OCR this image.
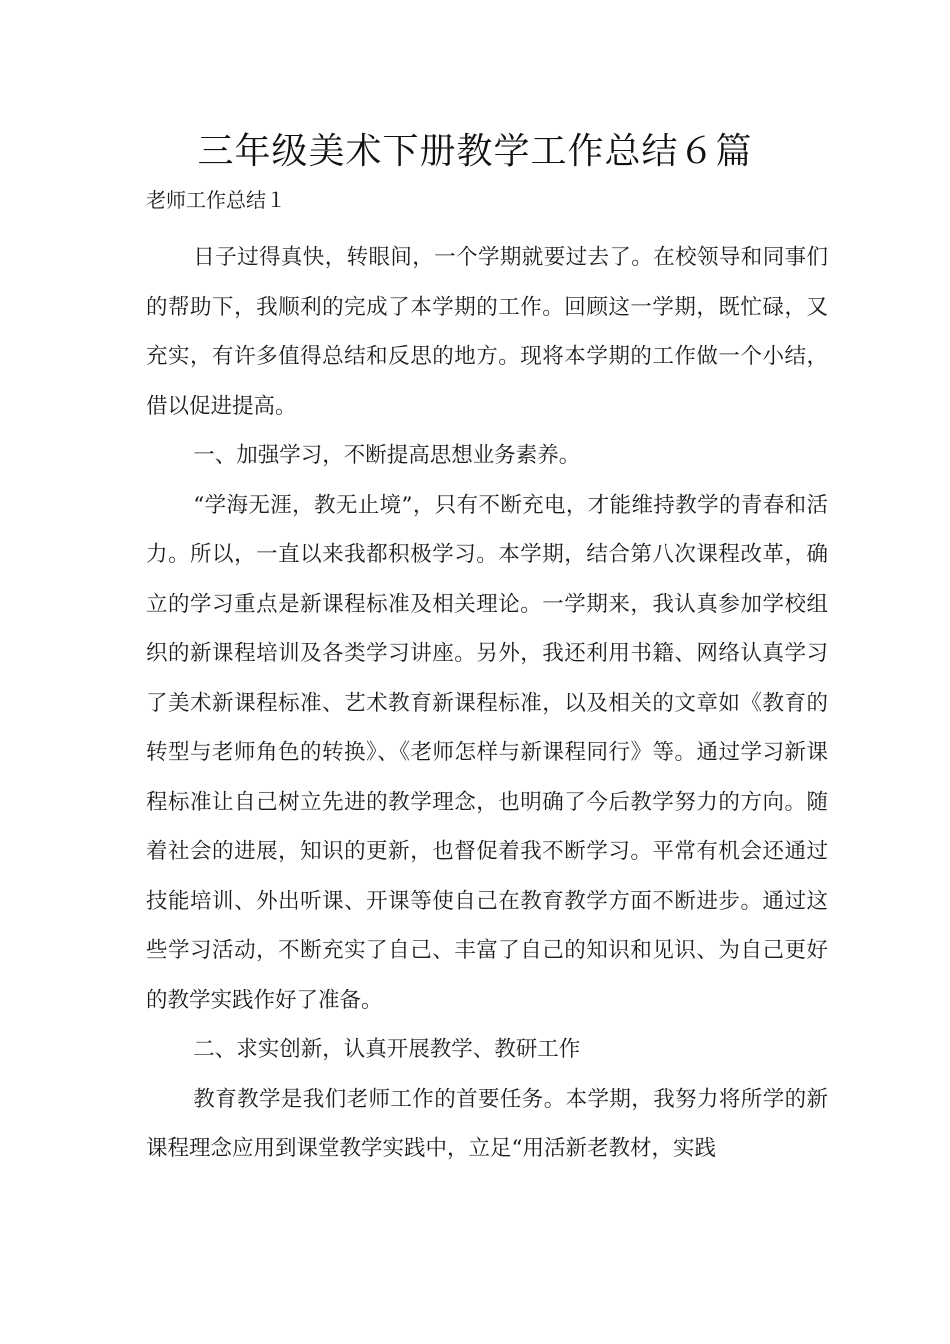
三年级美术下册教学工作总结６篇
老师工作总结１

日子过得真快，转眼间，一个学期就要过去了。在校领导和同事们的帮助下，我顺利的完成了本学期的工作。回顾这一学期，既忙碌，又充实，有许多值得总结和反思的地方。现将本学期的工作做一个小结，借以促进提高。

一、加强学习，不断提高思想业务素养。

“学海无涯，教无止境”，只有不断充电，才能维持教学的青春和活力。所以，一直以来我都积极学习。本学期，结合第八次课程改革，确立的学习重点是新课程标准及相关理论。一学期来，我认真参加学校组织的新课程培训及各类学习讲座。另外，我还利用书籍、网络认真学习了美术新课程标准、艺术教育新课程标准，以及相关的文章如《教育的转型与老师角色的转换》、《老师怎样与新课程同行》等。通过学习新课程标准让自己树立先进的教学理念，也明确了今后教学努力的方向。随着社会的进展，知识的更新，也督促着我不断学习。平常有机会还通过技能培训、外出听课、开课等使自己在教育教学方面不断进步。通过这些学习活动，不断充实了自己、丰富了自己的知识和见识、为自己更好的教学实践作好了准备。

二、求实创新，认真开展教学、教研工作

教育教学是我们老师工作的首要任务。本学期，我努力将所学的新课程理念应用到课堂教学实践中，立足“用活新老教材，实践
